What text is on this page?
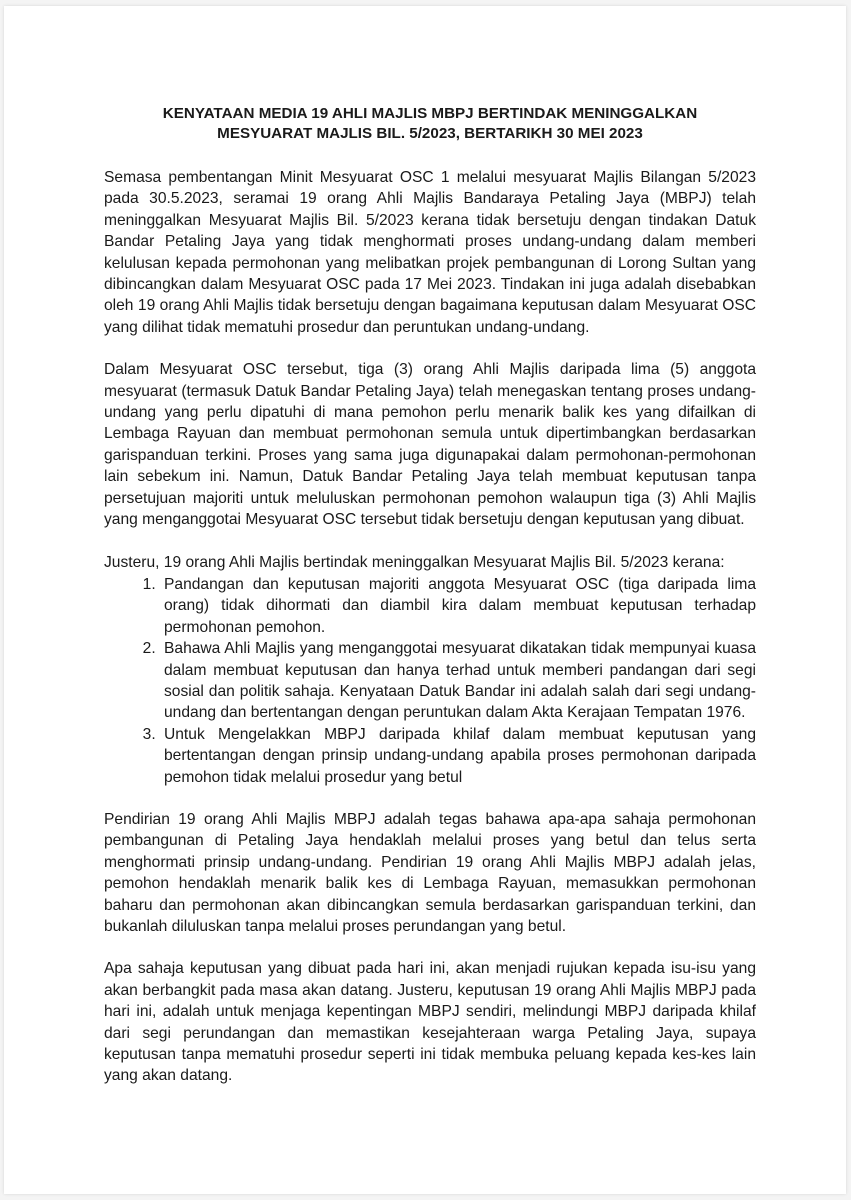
KENYATAAN MEDIA 19 AHLI MAJLIS MBPJ BERTINDAK MENINGGALKAN
MESYUARAT MAJLIS BIL. 5/2023, BERTARIKH 30 MEI 2023

Semasa pembentangan Minit Mesyuarat OSC 1 melalui mesyuarat Majlis Bilangan 5/2023 pada 30.5.2023, seramai 19 orang Ahli Majlis Bandaraya Petaling Jaya (MBPJ) telah meninggalkan Mesyuarat Majlis Bil. 5/2023 kerana tidak bersetuju dengan tindakan Datuk Bandar Petaling Jaya yang tidak menghormati proses undang-undang dalam memberi kelulusan kepada permohonan yang melibatkan projek pembangunan di Lorong Sultan yang dibincangkan dalam Mesyuarat OSC pada 17 Mei 2023. Tindakan ini juga adalah disebabkan oleh 19 orang Ahli Majlis tidak bersetuju dengan bagaimana keputusan dalam Mesyuarat OSC yang dilihat tidak mematuhi prosedur dan peruntukan undang-undang.

Dalam Mesyuarat OSC tersebut, tiga (3) orang Ahli Majlis daripada lima (5) anggota mesyuarat (termasuk Datuk Bandar Petaling Jaya) telah menegaskan tentang proses undang-undang yang perlu dipatuhi di mana pemohon perlu menarik balik kes yang difailkan di Lembaga Rayuan dan membuat permohonan semula untuk dipertimbangkan berdasarkan garispanduan terkini. Proses yang sama juga digunapakai dalam permohonan-permohonan lain sebekum ini. Namun, Datuk Bandar Petaling Jaya telah membuat keputusan tanpa persetujuan majoriti untuk meluluskan permohonan pemohon walaupun tiga (3) Ahli Majlis yang menganggotai Mesyuarat OSC tersebut tidak bersetuju dengan keputusan yang dibuat.

Justeru, 19 orang Ahli Majlis bertindak meninggalkan Mesyuarat Majlis Bil. 5/2023 kerana:

1. Pandangan dan keputusan majoriti anggota Mesyuarat OSC (tiga daripada lima orang) tidak dihormati dan diambil kira dalam membuat keputusan terhadap permohonan pemohon.
2. Bahawa Ahli Majlis yang menganggotai mesyuarat dikatakan tidak mempunyai kuasa dalam membuat keputusan dan hanya terhad untuk memberi pandangan dari segi sosial dan politik sahaja. Kenyataan Datuk Bandar ini adalah salah dari segi undang-undang dan bertentangan dengan peruntukan dalam Akta Kerajaan Tempatan 1976.
3. Untuk Mengelakkan MBPJ daripada khilaf dalam membuat keputusan yang bertentangan dengan prinsip undang-undang apabila proses permohonan daripada pemohon tidak melalui prosedur yang betul

Pendirian 19 orang Ahli Majlis MBPJ adalah tegas bahawa apa-apa sahaja permohonan pembangunan di Petaling Jaya hendaklah melalui proses yang betul dan telus serta menghormati prinsip undang-undang. Pendirian 19 orang Ahli Majlis MBPJ adalah jelas, pemohon hendaklah menarik balik kes di Lembaga Rayuan, memasukkan permohonan baharu dan permohonan akan dibincangkan semula berdasarkan garispanduan terkini, dan bukanlah diluluskan tanpa melalui proses perundangan yang betul.

Apa sahaja keputusan yang dibuat pada hari ini, akan menjadi rujukan kepada isu-isu yang akan berbangkit pada masa akan datang. Justeru, keputusan 19 orang Ahli Majlis MBPJ pada hari ini, adalah untuk menjaga kepentingan MBPJ sendiri, melindungi MBPJ daripada khilaf dari segi perundangan dan memastikan kesejahteraan warga Petaling Jaya, supaya keputusan tanpa mematuhi prosedur seperti ini tidak membuka peluang kepada kes-kes lain yang akan datang.
